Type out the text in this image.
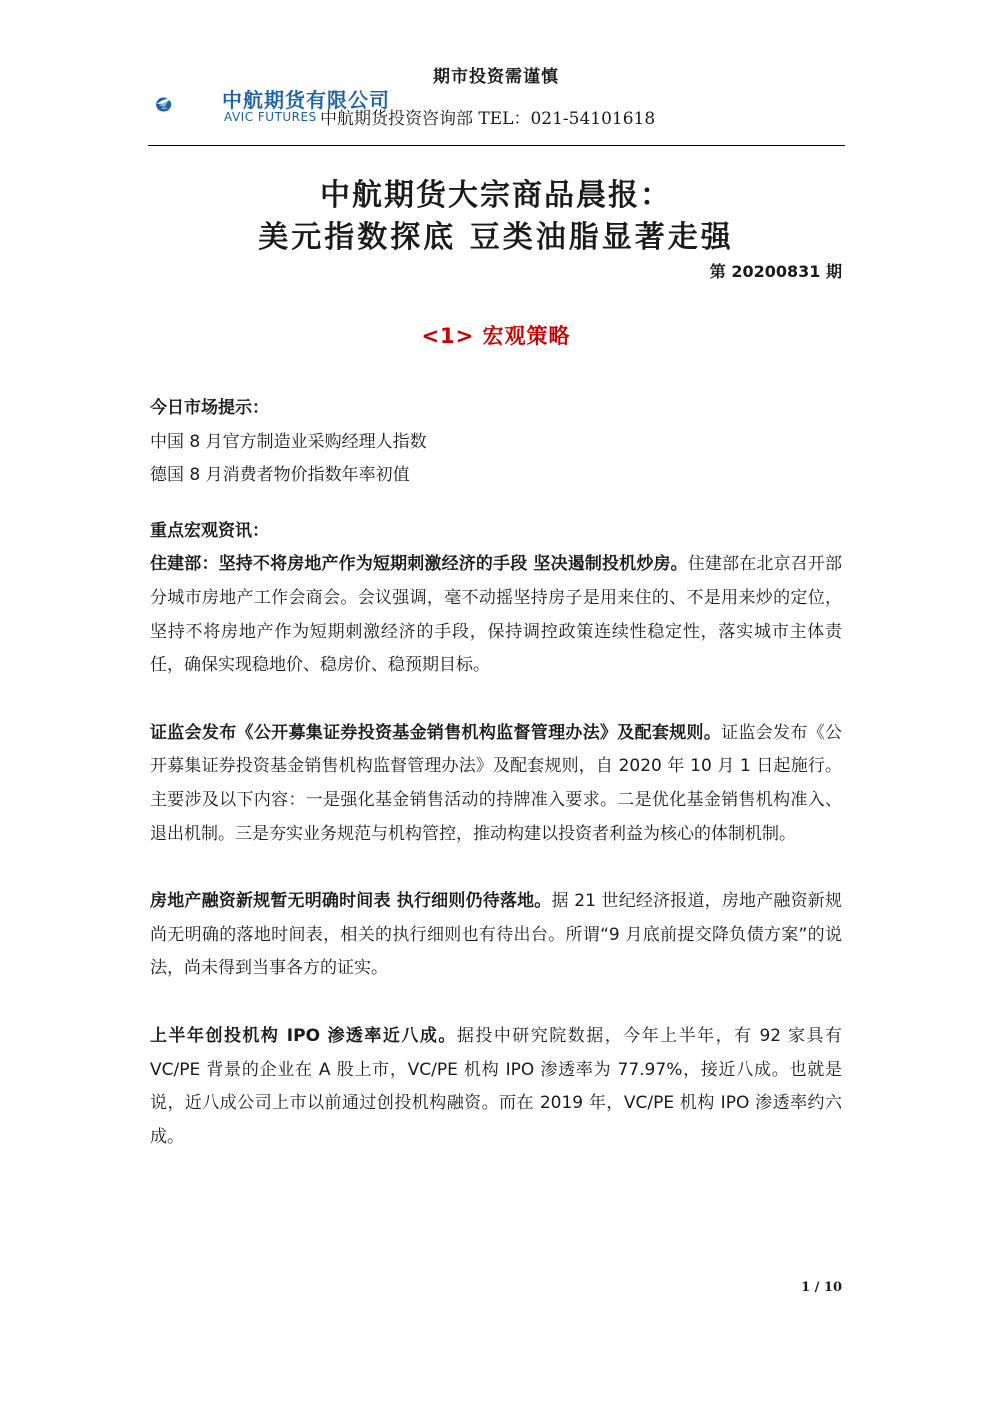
期市投资需谨慎
AVIC	中航期货有限公司
AVIC FUTURES 中航期货投资咨询部 TEL：021-54101618
中航期货大宗商品晨报：
美元指数探底 豆类油脂显著走强
第 20200831 期
<1> 宏观策略

今日市场提示：

中国 8 月官方制造业采购经理人指数

德国 8 月消费者物价指数年率初值

重点宏观资讯：

住建部：坚持不将房地产作为短期刺激经济的手段 坚决遏制投机炒房。住建部在北京召开部分城市房地产工作会商会。会议强调，毫不动摇坚持房子是用来住的、不是用来炒的定位，坚持不将房地产作为短期刺激经济的手段，保持调控政策连续性稳定性，落实城市主体责任，确保实现稳地价、稳房价、稳预期目标。

证监会发布《公开募集证券投资基金销售机构监督管理办法》及配套规则。证监会发布《公开募集证券投资基金销售机构监督管理办法》及配套规则，自 2020 年 10 月 1 日起施行。主要涉及以下内容：一是强化基金销售活动的持牌准入要求。二是优化基金销售机构准入、退出机制。三是夯实业务规范与机构管控，推动构建以投资者利益为核心的体制机制。

房地产融资新规暂无明确时间表 执行细则仍待落地。据 21 世纪经济报道，房地产融资新规尚无明确的落地时间表，相关的执行细则也有待出台。所谓“9 月底前提交降负债方案”的说法，尚未得到当事各方的证实。

上半年创投机构 IPO 渗透率近八成。据投中研究院数据，今年上半年，有 92 家具有 VC/PE 背景的企业在 A 股上市，VC/PE 机构 IPO 渗透率为 77.97%，接近八成。也就是说，近八成公司上市以前通过创投机构融资。而在 2019 年，VC/PE 机构 IPO 渗透率约六成。

1 / 10
